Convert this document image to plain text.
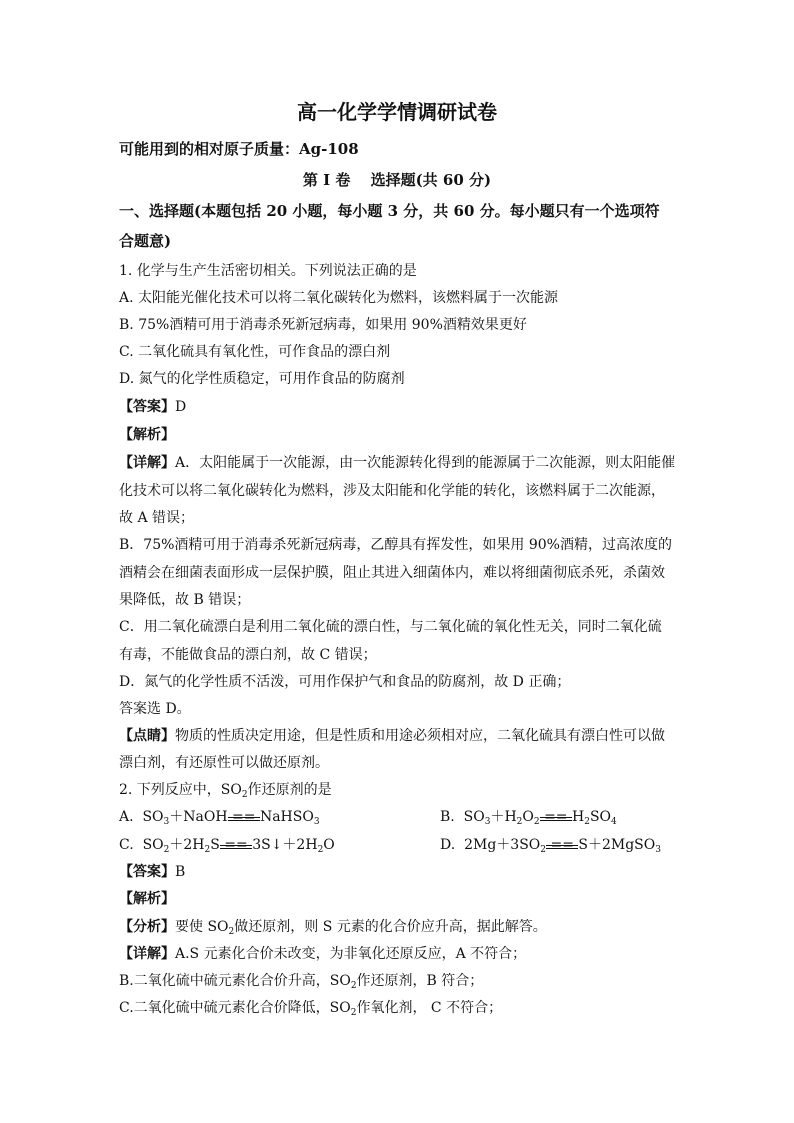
高一化学学情调研试卷
可能用到的相对原子质量：Ag-108
第 I 卷　 选择题(共 60 分)
一、选择题(本题包括 20 小题，每小题 3 分，共 60 分。每小题只有一个选项符
合题意)
1. 化学与生产生活密切相关。下列说法正确的是
A. 太阳能光催化技术可以将二氧化碳转化为燃料，该燃料属于一次能源
B. 75%酒精可用于消毒杀死新冠病毒，如果用 90%酒精效果更好
C. 二氧化硫具有氧化性，可作食品的漂白剂
D. 氮气的化学性质稳定，可用作食品的防腐剂
【答案】D
【解析】
【详解】A．太阳能属于一次能源，由一次能源转化得到的能源属于二次能源，则太阳能催
化技术可以将二氧化碳转化为燃料，涉及太阳能和化学能的转化，该燃料属于二次能源，
故 A 错误；
B．75%酒精可用于消毒杀死新冠病毒，乙醇具有挥发性，如果用 90%酒精，过高浓度的
酒精会在细菌表面形成一层保护膜，阻止其进入细菌体内，难以将细菌彻底杀死，杀菌效
果降低，故 B 错误；
C．用二氧化硫漂白是利用二氧化硫的漂白性，与二氧化硫的氧化性无关，同时二氧化硫
有毒，不能做食品的漂白剂，故 C 错误；
D．氮气的化学性质不活泼，可用作保护气和食品的防腐剂，故 D 正确；
答案选 D。
【点睛】物质的性质决定用途，但是性质和用途必须相对应，二氧化硫具有漂白性可以做
漂白剂，有还原性可以做还原剂。
2. 下列反应中，$SO_2$作还原剂的是
A.  $SO_3+NaOH$ == NaHSO$_3$	B.  $SO_3+H_2O_2 == H_2SO_4$
C.  $SO_2+2H_2S$ == $3S↓+2H_2O$	D.  $2Mg+3SO_2$ == S＋2MgSO$_3$
【答案】B
【解析】
【分析】要使 $SO_2$做还原剂，则 S 元素的化合价应升高，据此解答。
【详解】A.S 元素化合价未改变，为非氧化还原反应，A 不符合；
B.二氧化硫中硫元素化合价升高，$SO_2$作还原剂，B 符合；
C.二氧化硫中硫元素化合价降低，$SO_2$作氧化剂， C 不符合；
